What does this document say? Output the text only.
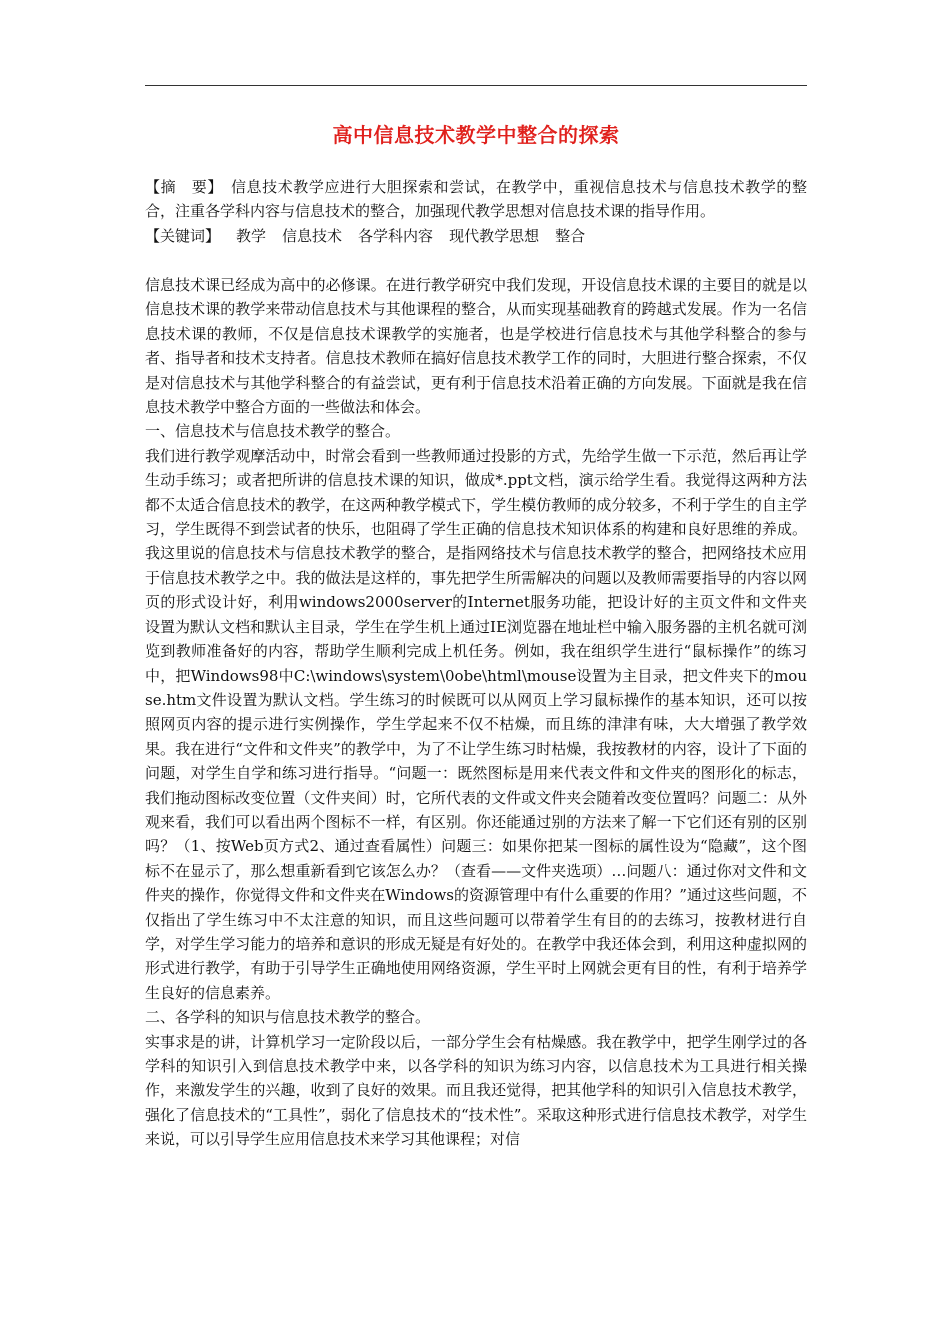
高中信息技术教学中整合的探索

【摘　要】 信息技术教学应进行大胆探索和尝试，在教学中，重视信息技术与信息技术教学的整合，注重各学科内容与信息技术的整合，加强现代教学思想对信息技术课的指导作用。

【关键词】 教学 信息技术 各学科内容 现代教学思想 整合

信息技术课已经成为高中的必修课。在进行教学研究中我们发现，开设信息技术课的主要目的就是以信息技术课的教学来带动信息技术与其他课程的整合，从而实现基础教育的跨越式发展。作为一名信息技术课的教师，不仅是信息技术课教学的实施者，也是学校进行信息技术与其他学科整合的参与者、指导者和技术支持者。信息技术教师在搞好信息技术教学工作的同时，大胆进行整合探索，不仅是对信息技术与其他学科整合的有益尝试，更有利于信息技术沿着正确的方向发展。下面就是我在信息技术教学中整合方面的一些做法和体会。

一、信息技术与信息技术教学的整合。

我们进行教学观摩活动中，时常会看到一些教师通过投影的方式，先给学生做一下示范，然后再让学生动手练习；或者把所讲的信息技术课的知识，做成*.ppt文档，演示给学生看。我觉得这两种方法都不太适合信息技术的教学，在这两种教学模式下，学生模仿教师的成分较多，不利于学生的自主学习，学生既得不到尝试者的快乐，也阻碍了学生正确的信息技术知识体系的构建和良好思维的养成。我这里说的信息技术与信息技术教学的整合，是指网络技术与信息技术教学的整合，把网络技术应用于信息技术教学之中。我的做法是这样的，事先把学生所需解决的问题以及教师需要指导的内容以网页的形式设计好，利用windows2000server的Internet服务功能，把设计好的主页文件和文件夹设置为默认文档和默认主目录，学生在学生机上通过IE浏览器在地址栏中输入服务器的主机名就可浏览到教师准备好的内容，帮助学生顺利完成上机任务。例如，我在组织学生进行“鼠标操作”的练习中，把Windows98中C:\windows\system\0obe\html\mouse设置为主目录，把文件夹下的mouse.htm文件设置为默认文档。学生练习的时候既可以从网页上学习鼠标操作的基本知识，还可以按照网页内容的提示进行实例操作，学生学起来不仅不枯燥，而且练的津津有味，大大增强了教学效果。我在进行“文件和文件夹”的教学中，为了不让学生练习时枯燥，我按教材的内容，设计了下面的问题，对学生自学和练习进行指导。“问题一：既然图标是用来代表文件和文件夹的图形化的标志，我们拖动图标改变位置（文件夹间）时，它所代表的文件或文件夹会随着改变位置吗？问题二：从外观来看，我们可以看出两个图标不一样，有区别。你还能通过别的方法来了解一下它们还有别的区别吗？（1、按Web页方式2、通过查看属性）问题三：如果你把某一图标的属性设为“隐藏”，这个图标不在显示了，那么想重新看到它该怎么办？（查看——文件夹选项）…问题八：通过你对文件和文件夹的操作，你觉得文件和文件夹在Windows的资源管理中有什么重要的作用？”通过这些问题，不仅指出了学生练习中不太注意的知识，而且这些问题可以带着学生有目的的去练习，按教材进行自学，对学生学习能力的培养和意识的形成无疑是有好处的。在教学中我还体会到，利用这种虚拟网的形式进行教学，有助于引导学生正确地使用网络资源，学生平时上网就会更有目的性，有利于培养学生良好的信息素养。

二、各学科的知识与信息技术教学的整合。

实事求是的讲，计算机学习一定阶段以后，一部分学生会有枯燥感。我在教学中，把学生刚学过的各学科的知识引入到信息技术教学中来，以各学科的知识为练习内容，以信息技术为工具进行相关操作，来激发学生的兴趣，收到了良好的效果。而且我还觉得，把其他学科的知识引入信息技术教学，强化了信息技术的“工具性”，弱化了信息技术的“技术性”。采取这种形式进行信息技术教学，对学生来说，可以引导学生应用信息技术来学习其他课程；对信
